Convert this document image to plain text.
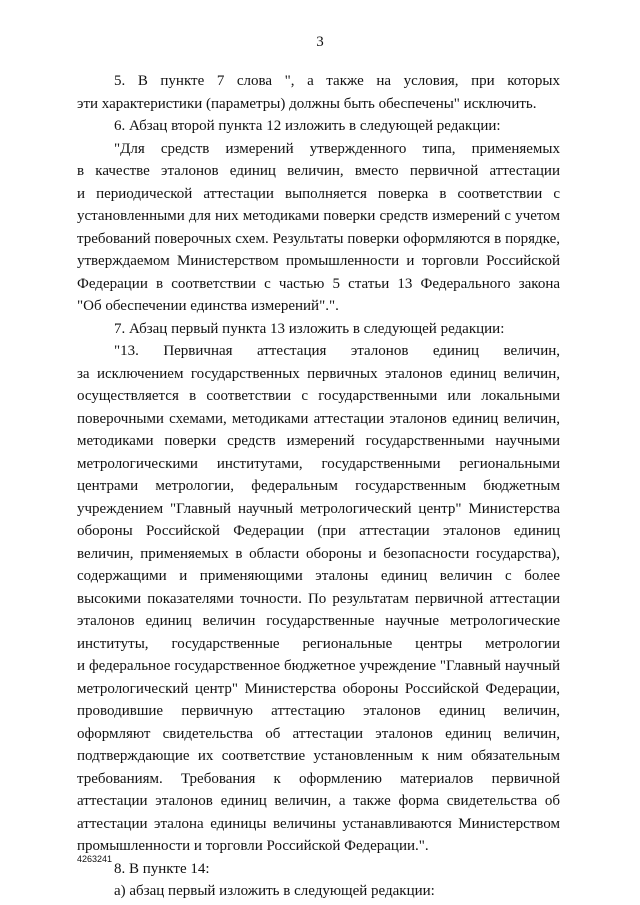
3
5. В пункте 7 слова ", а также на условия, при которых
эти характеристики (параметры) должны быть обеспечены" исключить.
6. Абзац второй пункта 12 изложить в следующей редакции:
"Для средств измерений утвержденного типа, применяемых
в качестве эталонов единиц величин, вместо первичной аттестации
и периодической аттестации выполняется поверка в соответствии с
установленными для них методиками поверки средств измерений с учетом
требований поверочных схем. Результаты поверки оформляются в порядке,
утверждаемом Министерством промышленности и торговли Российской
Федерации в соответствии с частью 5 статьи 13 Федерального закона
"Об обеспечении единства измерений".".
7. Абзац первый пункта 13 изложить в следующей редакции:
"13. Первичная аттестация эталонов единиц величин,
за исключением государственных первичных эталонов единиц величин,
осуществляется в соответствии с государственными или локальными
поверочными схемами, методиками аттестации эталонов единиц величин,
методиками поверки средств измерений государственными научными
метрологическими институтами, государственными региональными
центрами метрологии, федеральным государственным бюджетным
учреждением "Главный научный метрологический центр" Министерства
обороны Российской Федерации (при аттестации эталонов единиц
величин, применяемых в области обороны и безопасности государства),
содержащими и применяющими эталоны единиц величин с более
высокими показателями точности. По результатам первичной аттестации
эталонов единиц величин государственные научные метрологические
институты, государственные региональные центры метрологии
и федеральное государственное бюджетное учреждение "Главный научный
метрологический центр" Министерства обороны Российской Федерации,
проводившие первичную аттестацию эталонов единиц величин,
оформляют свидетельства об аттестации эталонов единиц величин,
подтверждающие их соответствие установленным к ним обязательным
требованиям. Требования к оформлению материалов первичной
аттестации эталонов единиц величин, а также форма свидетельства об
аттестации эталона единицы величины устанавливаются Министерством
промышленности и торговли Российской Федерации.".
8. В пункте 14:
а) абзац первый изложить в следующей редакции:
4263241
